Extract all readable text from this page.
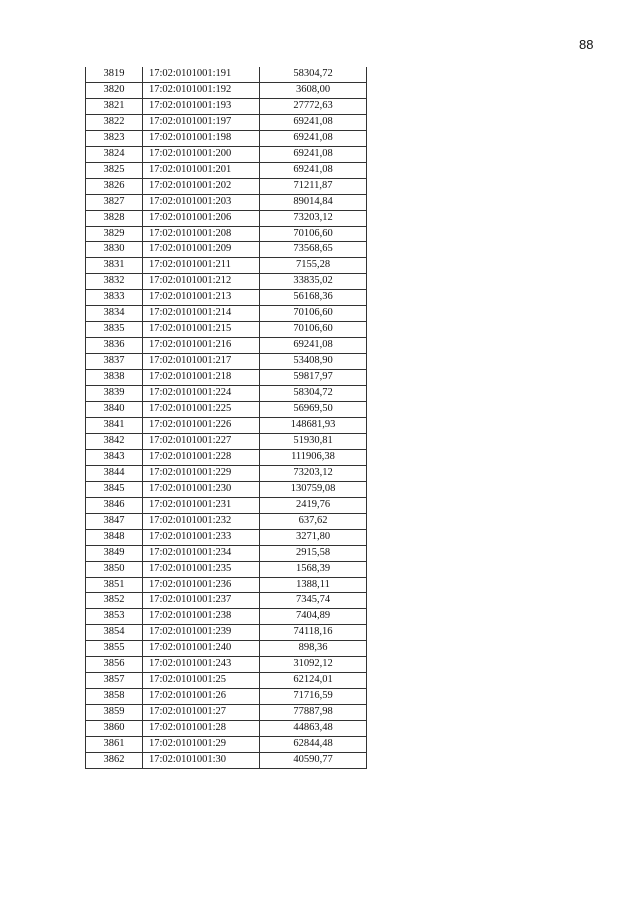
88
3819	17:02:0101001:191	58304,72
3820	17:02:0101001:192	3608,00
3821	17:02:0101001:193	27772,63
3822	17:02:0101001:197	69241,08
3823	17:02:0101001:198	69241,08
3824	17:02:0101001:200	69241,08
3825	17:02:0101001:201	69241,08
3826	17:02:0101001:202	71211,87
3827	17:02:0101001:203	89014,84
3828	17:02:0101001:206	73203,12
3829	17:02:0101001:208	70106,60
3830	17:02:0101001:209	73568,65
3831	17:02:0101001:211	7155,28
3832	17:02:0101001:212	33835,02
3833	17:02:0101001:213	56168,36
3834	17:02:0101001:214	70106,60
3835	17:02:0101001:215	70106,60
3836	17:02:0101001:216	69241,08
3837	17:02:0101001:217	53408,90
3838	17:02:0101001:218	59817,97
3839	17:02:0101001:224	58304,72
3840	17:02:0101001:225	56969,50
3841	17:02:0101001:226	148681,93
3842	17:02:0101001:227	51930,81
3843	17:02:0101001:228	111906,38
3844	17:02:0101001:229	73203,12
3845	17:02:0101001:230	130759,08
3846	17:02:0101001:231	2419,76
3847	17:02:0101001:232	637,62
3848	17:02:0101001:233	3271,80
3849	17:02:0101001:234	2915,58
3850	17:02:0101001:235	1568,39
3851	17:02:0101001:236	1388,11
3852	17:02:0101001:237	7345,74
3853	17:02:0101001:238	7404,89
3854	17:02:0101001:239	74118,16
3855	17:02:0101001:240	898,36
3856	17:02:0101001:243	31092,12
3857	17:02:0101001:25	62124,01
3858	17:02:0101001:26	71716,59
3859	17:02:0101001:27	77887,98
3860	17:02:0101001:28	44863,48
3861	17:02:0101001:29	62844,48
3862	17:02:0101001:30	40590,77
